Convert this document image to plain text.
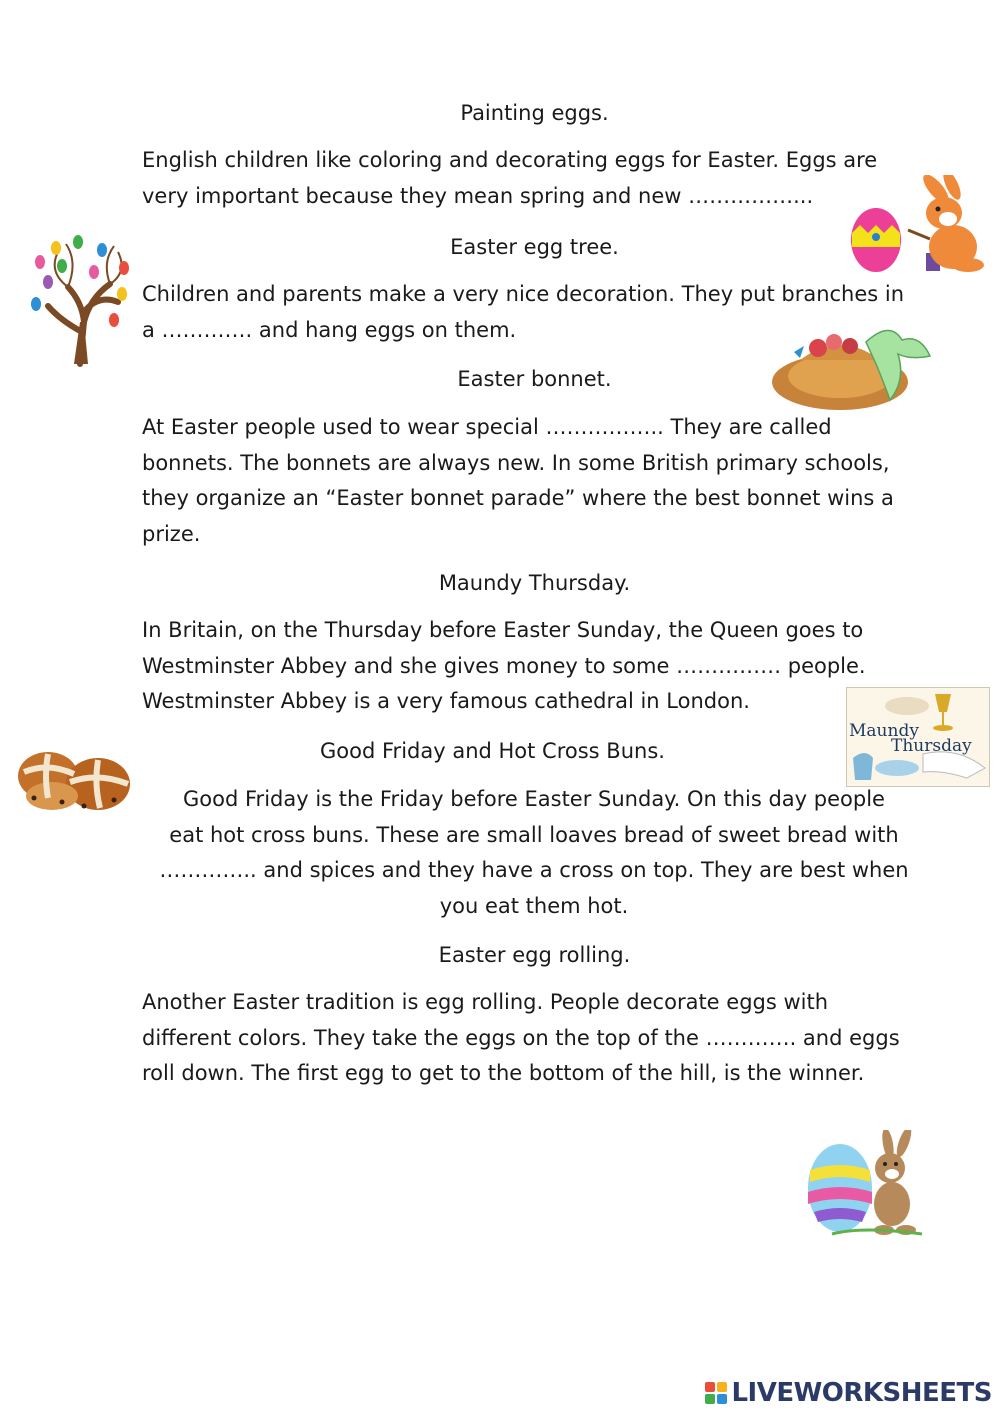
Painting eggs.
English children like coloring and decorating eggs for Easter. Eggs are
very important because they mean spring and new ……………...
Easter egg tree.
Children and parents make a very nice decoration. They put branches in
a …………. and hang eggs on them.
Easter bonnet.
At Easter people used to wear special …………….. They are called
bonnets. The bonnets are always new. In some British primary schools,
they organize an “Easter bonnet parade” where the best bonnet wins a
prize.
Maundy Thursday.
In Britain, on the Thursday before Easter Sunday, the Queen goes to
Westminster Abbey and she gives money to some …………… people.
Westminster Abbey is a very famous cathedral in London.
Good Friday and Hot Cross Buns.
Good Friday is the Friday before Easter Sunday. On this day people
eat hot cross buns. These are small loaves bread of sweet bread with
………….. and spices and they have a cross on top. They are best when
you eat them hot.
Easter egg rolling.
Another Easter tradition is egg rolling. People decorate eggs with
different colors. They take the eggs on the top of the …………. and eggs
roll down. The first egg to get to the bottom of the hill, is the winner.
Maundy
Thursday
LIVEWORKSHEETS
